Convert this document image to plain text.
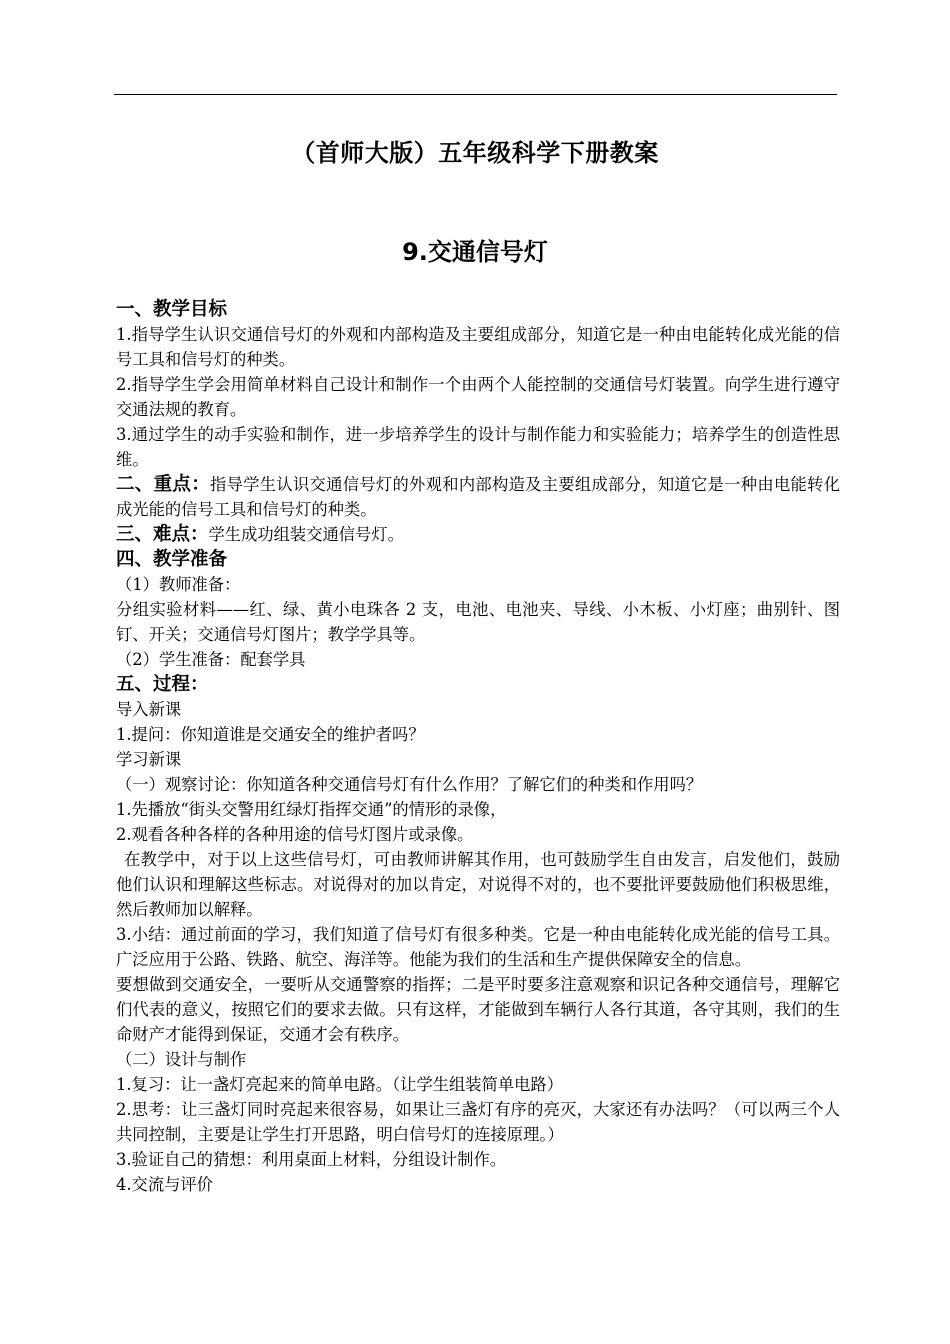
（首师大版）五年级科学下册教案
9.交通信号灯

一、教学目标

1.指导学生认识交通信号灯的外观和内部构造及主要组成部分，知道它是一种由电能转化成光能的信号工具和信号灯的种类。

2.指导学生学会用简单材料自己设计和制作一个由两个人能控制的交通信号灯装置。向学生进行遵守交通法规的教育。

3.通过学生的动手实验和制作，进一步培养学生的设计与制作能力和实验能力；培养学生的创造性思维。

二、重点：指导学生认识交通信号灯的外观和内部构造及主要组成部分，知道它是一种由电能转化成光能的信号工具和信号灯的种类。

三、难点：学生成功组装交通信号灯。

四、教学准备

（1）教师准备：

分组实验材料——红、绿、黄小电珠各 2 支，电池、电池夹、导线、小木板、小灯座；曲别针、图钉、开关；交通信号灯图片；教学学具等。

（2）学生准备：配套学具

五、过程：

导入新课

1.提问：你知道谁是交通安全的维护者吗？

学习新课

（一）观察讨论：你知道各种交通信号灯有什么作用？了解它们的种类和作用吗？

1.先播放“街头交警用红绿灯指挥交通”的情形的录像，

2.观看各种各样的各种用途的信号灯图片或录像。

在教学中，对于以上这些信号灯，可由教师讲解其作用，也可鼓励学生自由发言，启发他们，鼓励他们认识和理解这些标志。对说得对的加以肯定，对说得不对的，也不要批评要鼓励他们积极思维，然后教师加以解释。

3.小结：通过前面的学习，我们知道了信号灯有很多种类。它是一种由电能转化成光能的信号工具。广泛应用于公路、铁路、航空、海洋等。他能为我们的生活和生产提供保障安全的信息。

要想做到交通安全，一要听从交通警察的指挥；二是平时要多注意观察和识记各种交通信号，理解它们代表的意义，按照它们的要求去做。只有这样，才能做到车辆行人各行其道，各守其则，我们的生命财产才能得到保证，交通才会有秩序。

（二）设计与制作

1.复习：让一盏灯亮起来的简单电路。（让学生组装简单电路）

2.思考：让三盏灯同时亮起来很容易，如果让三盏灯有序的亮灭，大家还有办法吗？（可以两三个人共同控制，主要是让学生打开思路，明白信号灯的连接原理。）

3.验证自己的猜想：利用桌面上材料，分组设计制作。

4.交流与评价
